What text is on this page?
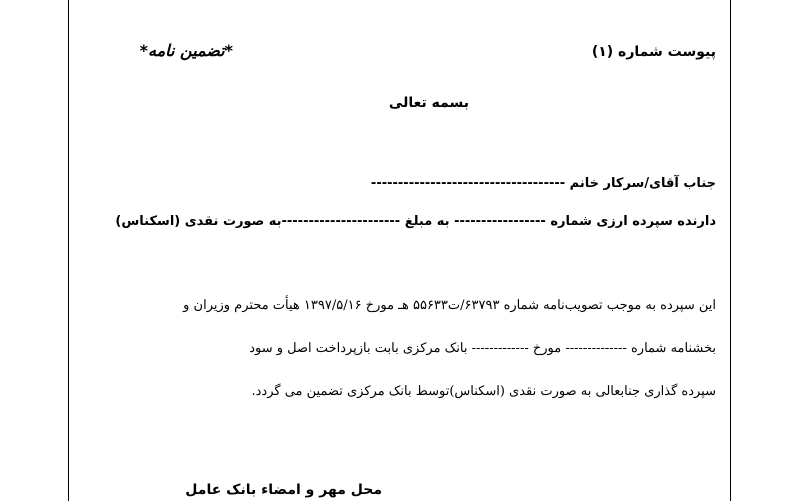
پیوست شماره (۱)
*تضمین نامه*
بسمه تعالی
جناب آقای/سرکار خانم ------------------------------------
دارنده سپرده ارزی شماره ----------------- به مبلغ ----------------------به صورت نقدی (اسکناس)
این سپرده به موجب تصویب‌نامه شماره ۶۳۷۹۳/ت۵۵۶۳۳ هـ مورخ ۱۳۹۷/۵/۱۶ هیأت محترم وزیران و
بخشنامه شماره -------------- مورخ ------------- بانک مرکزی بابت بازپرداخت اصل و سود
سپرده گذاری جنابعالی به صورت نقدی (اسکناس)توسط بانک مرکزی تضمین می گردد.
محل مهر و امضاء بانک عامل
